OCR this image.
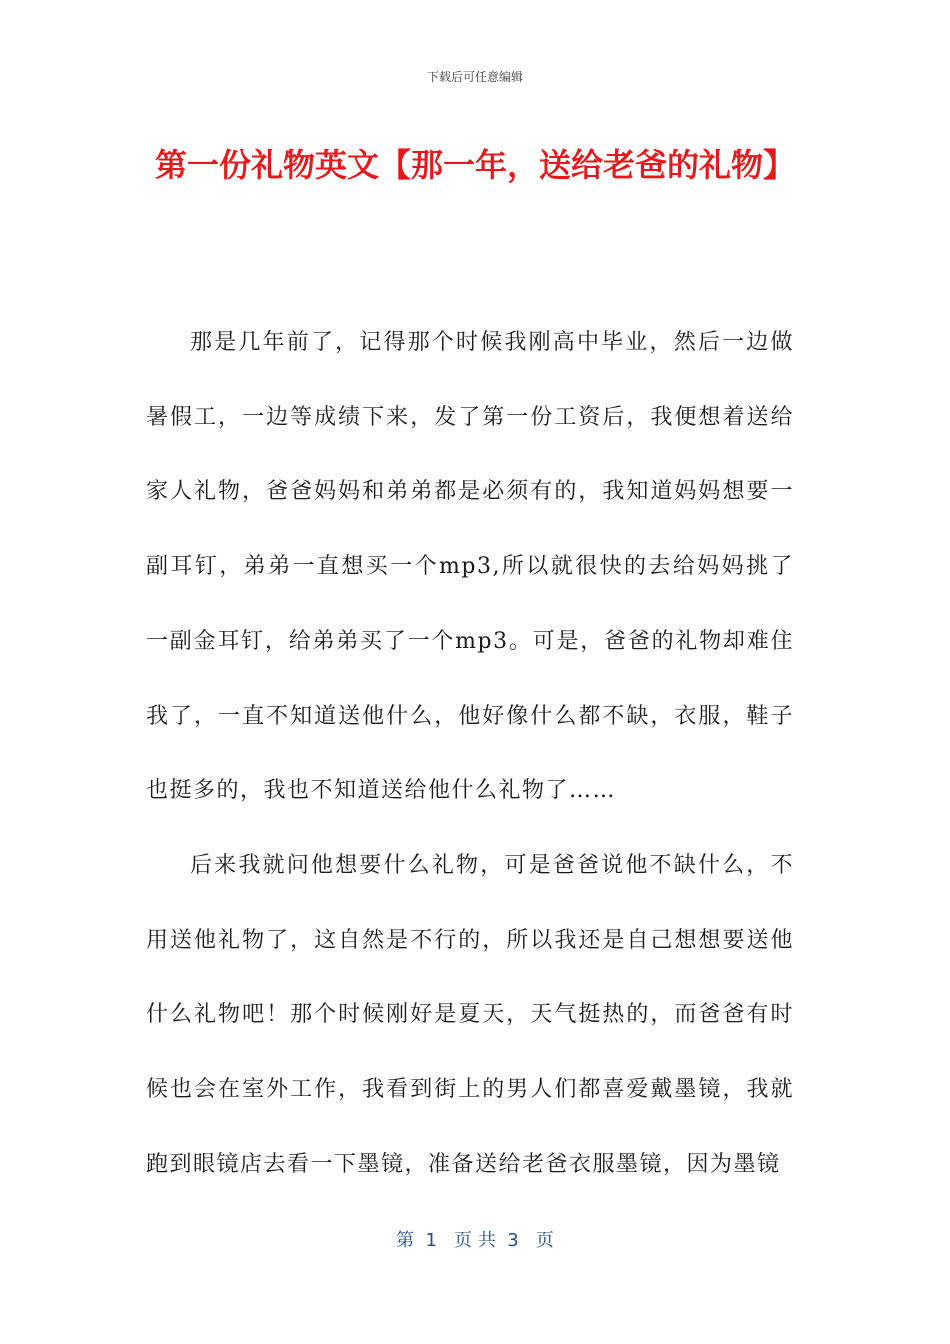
下载后可任意编辑
第一份礼物英文【那一年，送给老爸的礼物】

那是几年前了，记得那个时候我刚高中毕业，然后一边做暑假工，一边等成绩下来，发了第一份工资后，我便想着送给家人礼物，爸爸妈妈和弟弟都是必须有的，我知道妈妈想要一副耳钉，弟弟一直想买一个mp3,所以就很快的去给妈妈挑了一副金耳钉，给弟弟买了一个mp3。可是，爸爸的礼物却难住我了，一直不知道送他什么，他好像什么都不缺，衣服，鞋子也挺多的，我也不知道送给他什么礼物了……

后来我就问他想要什么礼物，可是爸爸说他不缺什么，不用送他礼物了，这自然是不行的，所以我还是自己想想要送他什么礼物吧！那个时候刚好是夏天，天气挺热的，而爸爸有时候也会在室外工作，我看到街上的男人们都喜爱戴墨镜，我就跑到眼镜店去看一下墨镜，准备送给老爸衣服墨镜，因为墨镜

第  1   页 共  3   页
